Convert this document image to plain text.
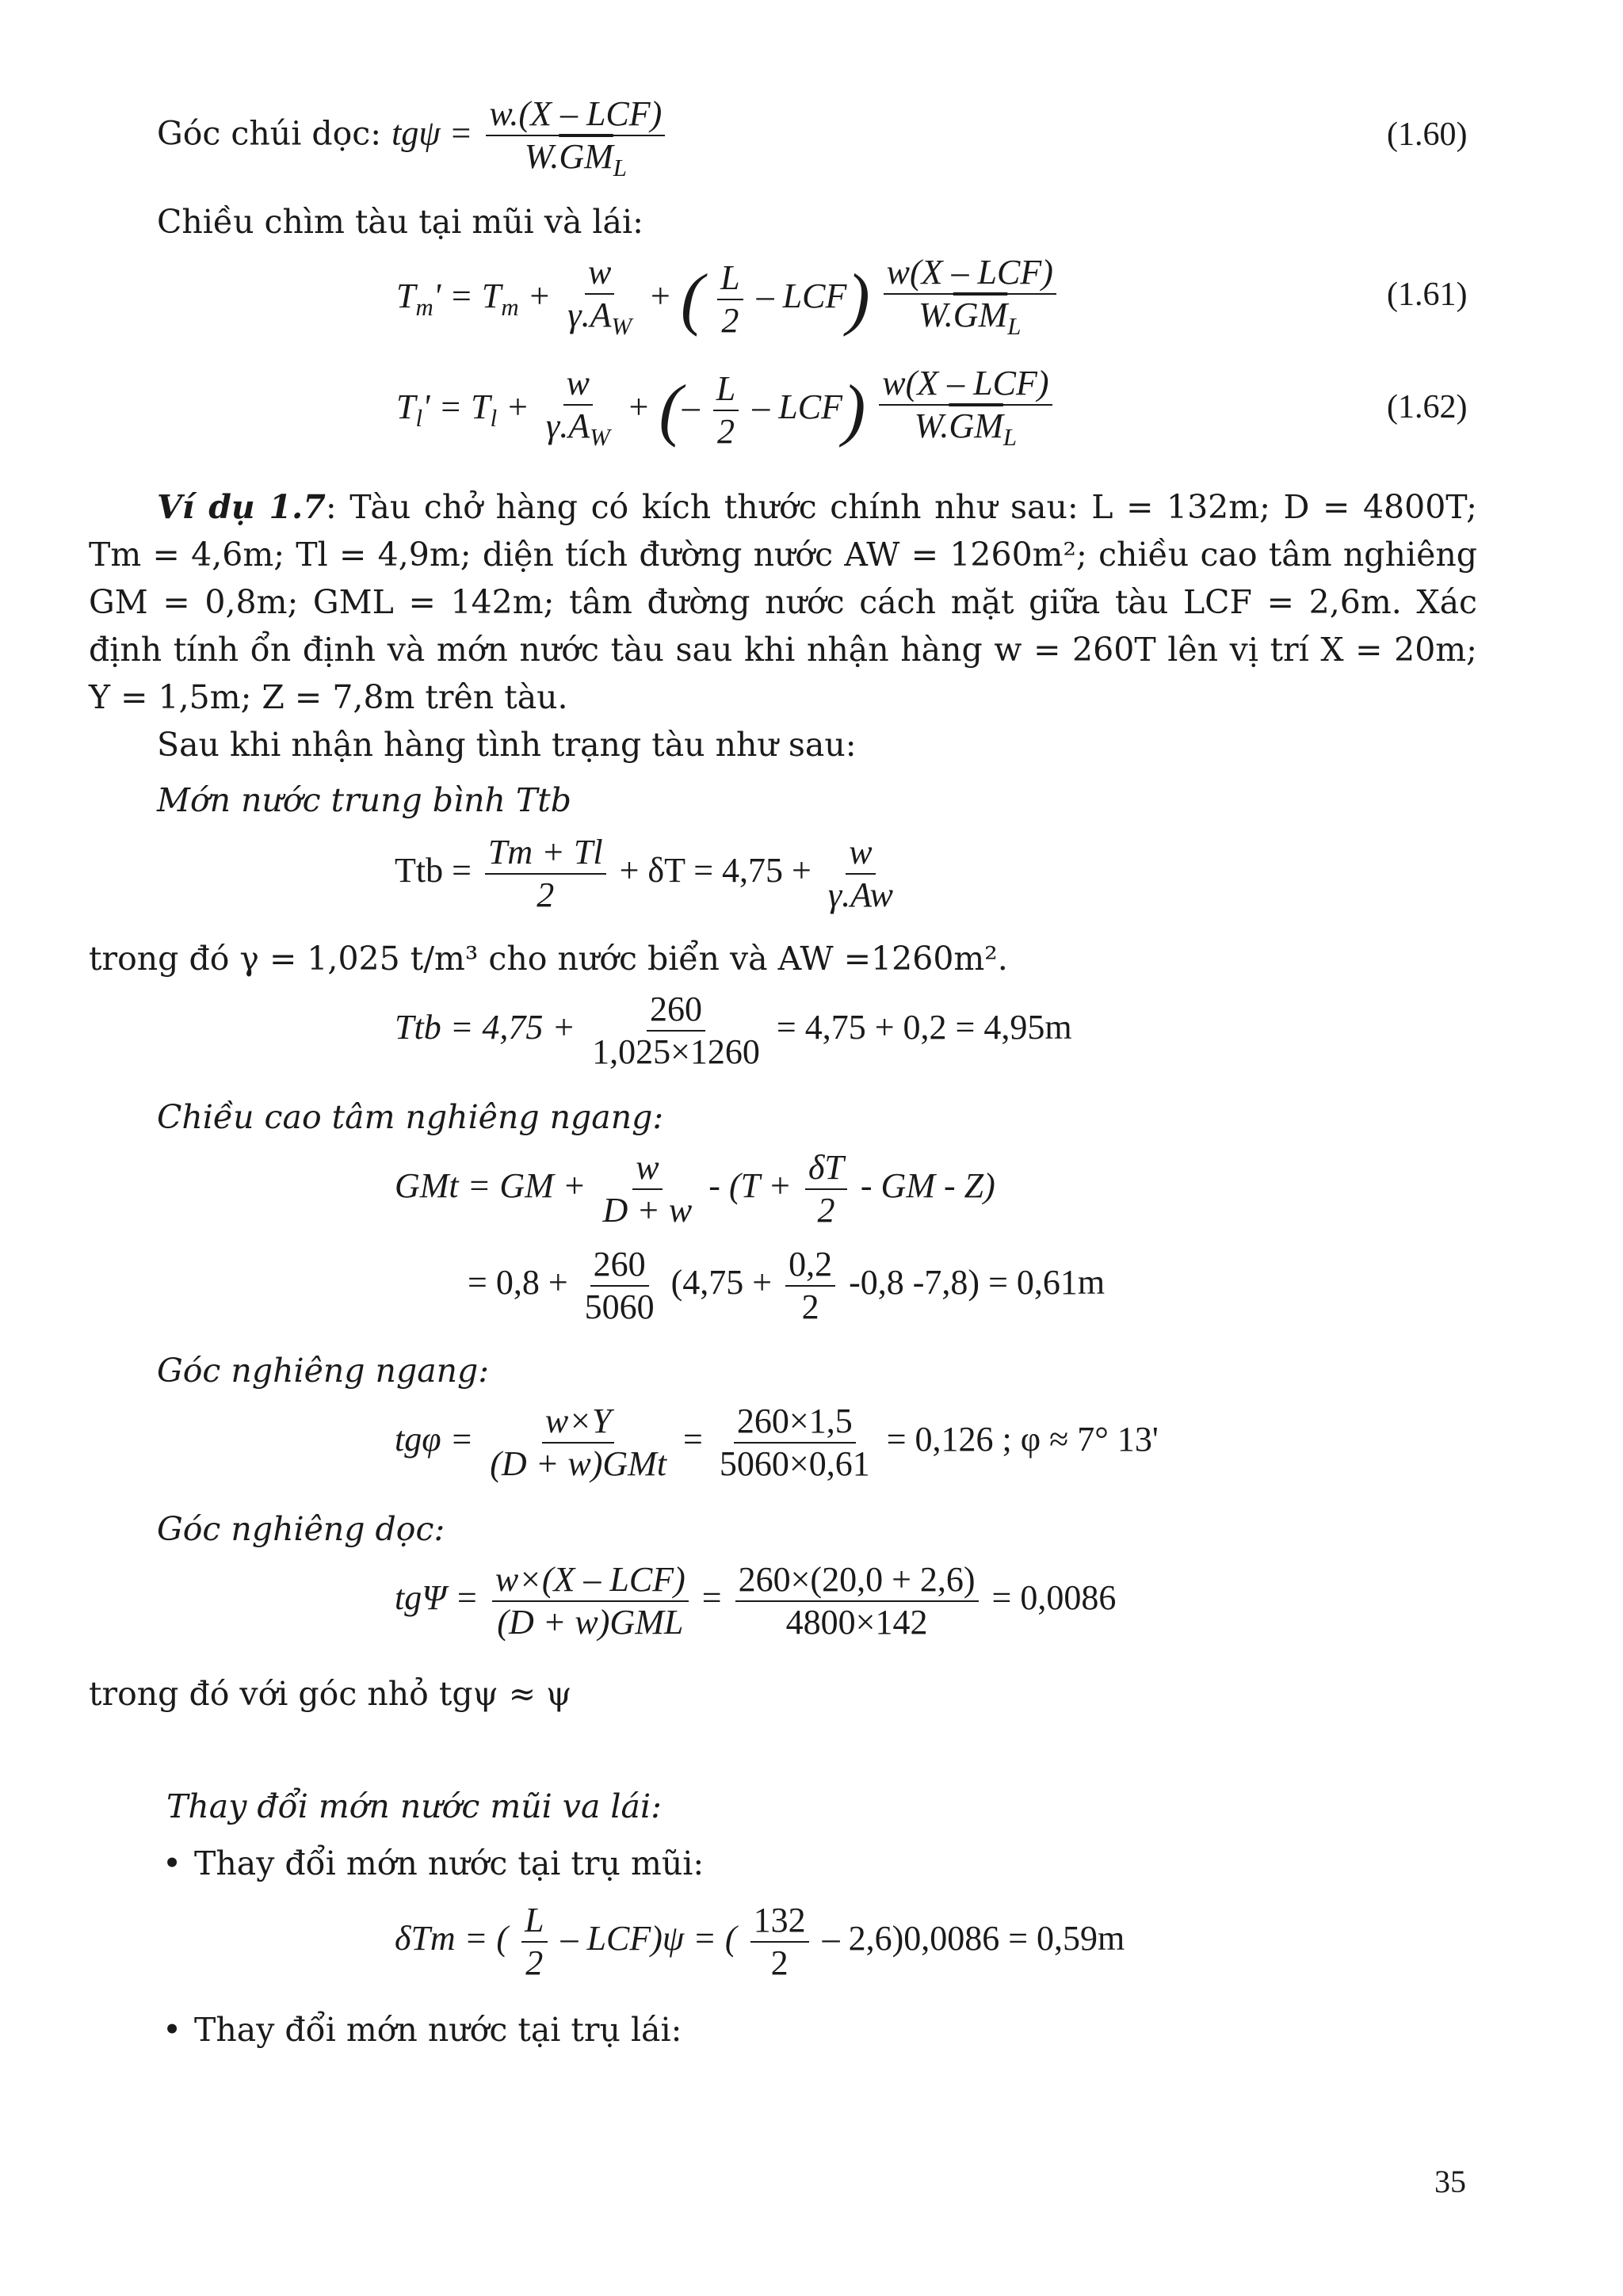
Góc chúi dọc: $tg\psi = \frac{\text{w.(X – LCF)}}{W.\overline{GM}_L}$	(1.60)

Chiều chìm tàu tại mũi và lái:

$T_m' = T_m + \frac{w}{\gamma.A_W}$ + ( $\frac{L}{2} - LCF) \frac{\text{w(X – LCF)}}{W.\overline{GM}_L}$	(1.61)
$T_l' = T_l + \frac{w}{\gamma.A_W}$ + (– $\frac{L}{2} - LCF) \frac{\text{w(X – LCF)}}{W.\overline{GM}_L}$	(1.62)

Ví dụ 1.7: Tàu chở hàng có kích thước chính như sau: L = 132m; D = 4800T; Tm = 4,6m; Tl = 4,9m; diện tích đường nước AW = 1260m²; chiều cao tâm nghiêng GM = 0,8m; GML = 142m; tâm đường nước cách mặt giữa tàu LCF = 2,6m. Xác định tính ổn định và mớn nước tàu sau khi nhận hàng w = 260T lên vị trí X = 20m; Y = 1,5m; Z = 7,8m trên tàu.

Sau khi nhận hàng tình trạng tàu như sau:

Mớn nước trung bình Ttb

Ttb = $\frac{Tm + Tl}{2} + \delta T = 4,75 + \frac{w}{\gamma.Aw}$

trong đó γ = 1,025 t/m³ cho nước biển và AW =1260m².

Ttb = $4,75 + \frac{260}{1,025\times 1260} = 4,75 + 0,2 = 4,95m$

Chiều cao tâm nghiêng ngang:

GMt = GM + $\frac{w}{D + w} - (T + \frac{\delta T}{2}$ - GM - Z)
= $0,8 + \frac{260}{5060} (4,75 + \frac{0,2}{2} -0,8$ -7,8) = 0,61m

Góc nghiêng ngang:

$tg\varphi = \frac{w\times Y}{\text{(D + w)GMt}} = \frac{260\times 1,5}{5060\times 0,61} = 0,126$ ; φ ≈ 7° 13'

Góc nghiêng dọc:

$tg\Psi = \frac{\text{w×(X – LCF)}}{\text{(D + w)GML}} = \frac{260\times(20,0 + 2,6)}{4800\times 142} = 0,0086$

trong đó với góc nhỏ tgψ ≈ ψ

Thay đổi mớn nước mũi va lái:

• Thay đổi mớn nước tại trụ mũi:

δTm = ( $\frac{L}{2} - LCF)\psi$ = ( $\frac{132}{2} - 2,6)0,0086 = 0,59m$

• Thay đổi mớn nước tại trụ lái:

35
